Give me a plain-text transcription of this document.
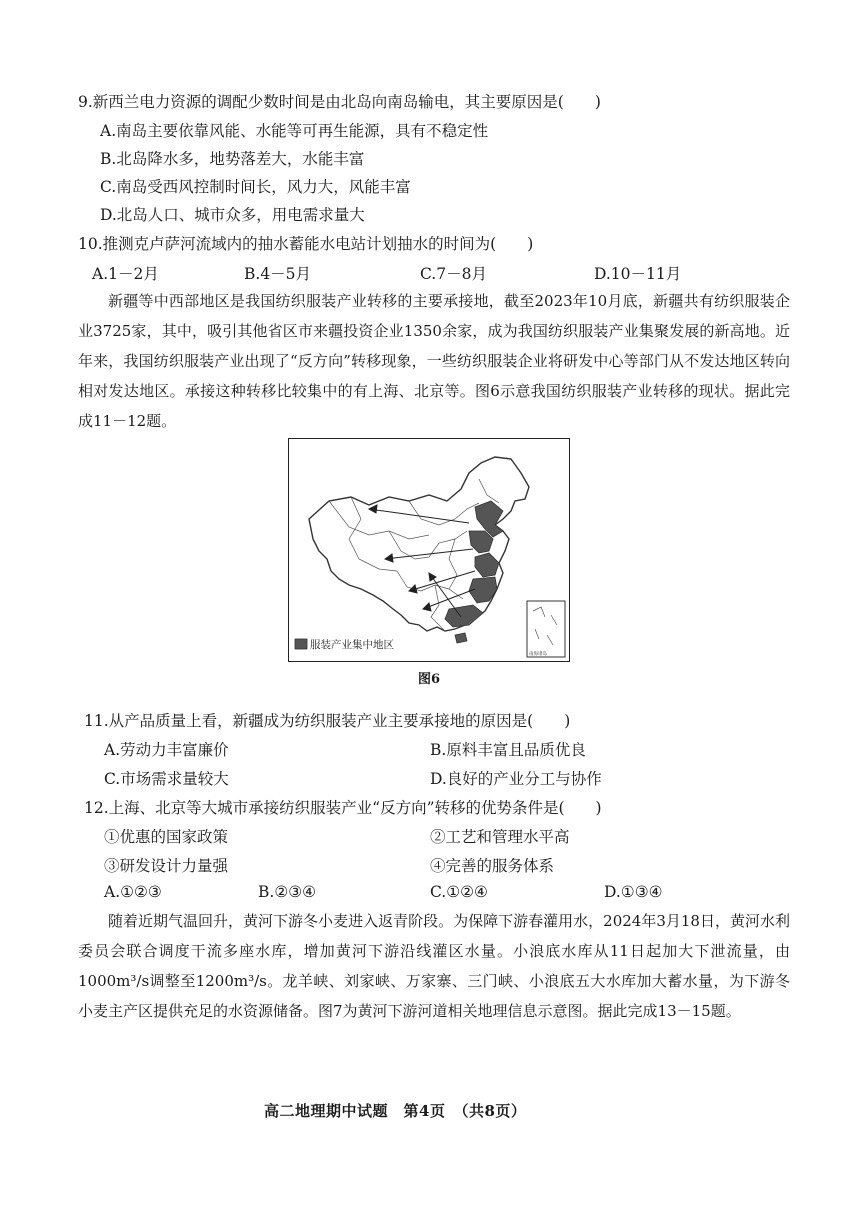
9.新西兰电力资源的调配少数时间是由北岛向南岛输电，其主要原因是(　　)
A.南岛主要依靠风能、水能等可再生能源，具有不稳定性
B.北岛降水多，地势落差大，水能丰富
C.南岛受西风控制时间长，风力大，风能丰富
D.北岛人口、城市众多，用电需求量大
10.推测克卢萨河流域内的抽水蓄能水电站计划抽水的时间为(　　)
A.1－2月	B.4－5月	C.7－8月	D.10－11月
新疆等中西部地区是我国纺织服装产业转移的主要承接地，截至2023年10月底，新疆共有纺织服装企业3725家，其中，吸引其他省区市来疆投资企业1350余家，成为我国纺织服装产业集聚发展的新高地。近年来，我国纺织服装产业出现了“反方向”转移现象，一些纺织服装企业将研发中心等部门从不发达地区转向相对发达地区。承接这种转移比较集中的有上海、北京等。图6示意我国纺织服装产业转移的现状。据此完成11－12题。
南海诸岛
服装产业集中地区
图6
11.从产品质量上看，新疆成为纺织服装产业主要承接地的原因是(　　)
A.劳动力丰富廉价	B.原料丰富且品质优良
C.市场需求量较大	D.良好的产业分工与协作
12.上海、北京等大城市承接纺织服装产业“反方向”转移的优势条件是(　　)
①优惠的国家政策	②工艺和管理水平高
③研发设计力量强	④完善的服务体系
A.①②③	B.②③④	C.①②④	D.①③④
随着近期气温回升，黄河下游冬小麦进入返青阶段。为保障下游春灌用水，2024年3月18日，黄河水利委员会联合调度干流多座水库，增加黄河下游沿线灌区水量。小浪底水库从11日起加大下泄流量，由1000m³/s调整至1200m³/s。龙羊峡、刘家峡、万家寨、三门峡、小浪底五大水库加大蓄水量，为下游冬小麦主产区提供充足的水资源储备。图7为黄河下游河道相关地理信息示意图。据此完成13－15题。
高二地理期中试题　第4页　（共8页）
